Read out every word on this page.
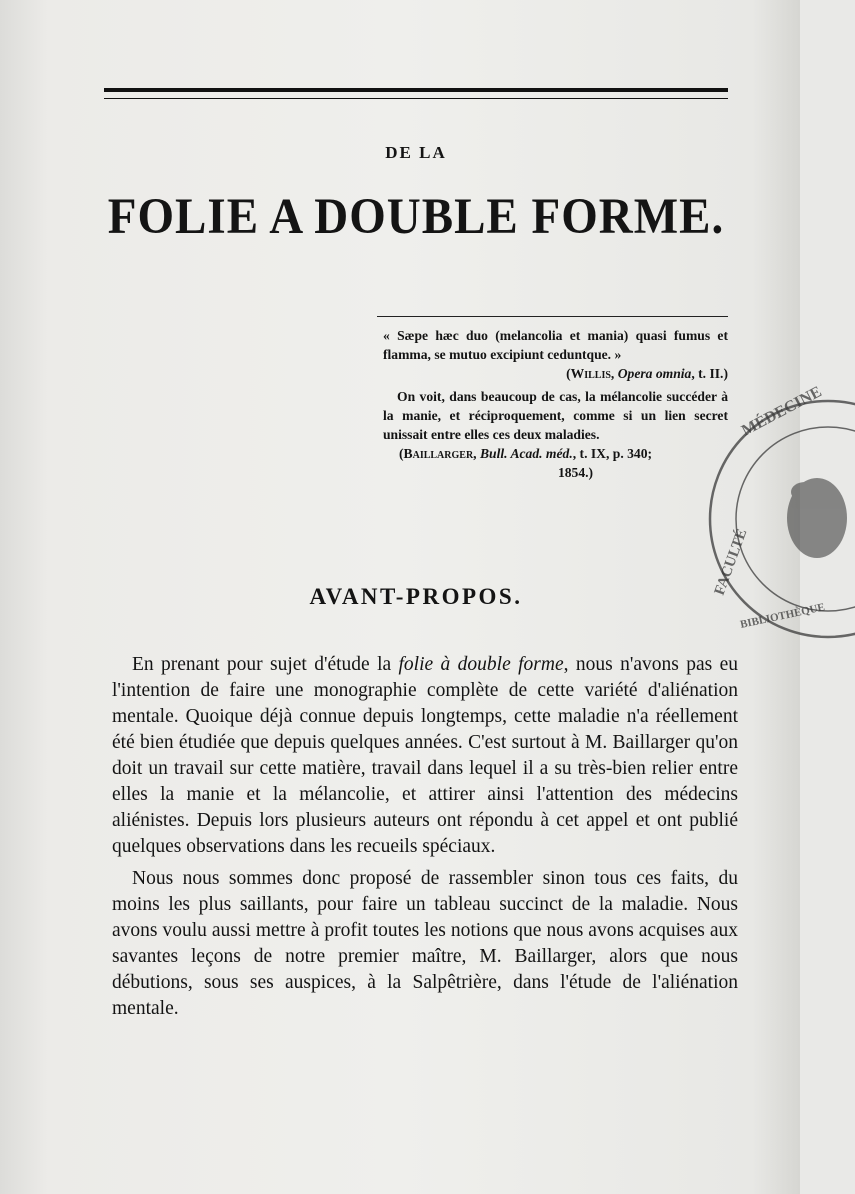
DE LA
FOLIE A DOUBLE FORME.
« Sæpe hæc duo (melancolia et mania) quasi fumus et flamma, se mutuo excipiunt ceduntque. »
(Willis, Opera omnia, t. II.)
On voit, dans beaucoup de cas, la mélancolie succéder à la manie, et réciproquement, comme si un lien secret unissait entre elles ces deux maladies.
(Baillarger, Bull. Acad. méd., t. IX, p. 340;
1854.)
AVANT-PROPOS.

En prenant pour sujet d'étude la folie à double forme, nous n'avons pas eu l'intention de faire une monographie complète de cette variété d'aliénation mentale. Quoique déjà connue depuis longtemps, cette maladie n'a réellement été bien étudiée que depuis quelques années. C'est surtout à M. Baillarger qu'on doit un travail sur cette matière, travail dans lequel il a su très-bien relier entre elles la manie et la mélancolie, et attirer ainsi l'attention des médecins aliénistes. Depuis lors plusieurs auteurs ont répondu à cet appel et ont publié quelques observations dans les recueils spéciaux.

Nous nous sommes donc proposé de rassembler sinon tous ces faits, du moins les plus saillants, pour faire un tableau succinct de la maladie. Nous avons voulu aussi mettre à profit toutes les notions que nous avons acquises aux savantes leçons de notre premier maître, M. Baillarger, alors que nous débutions, sous ses auspices, à la Salpêtrière, dans l'étude de l'aliénation mentale.

MÉDECINE
FACULTÉ
BIBLIOTHÈQUE
